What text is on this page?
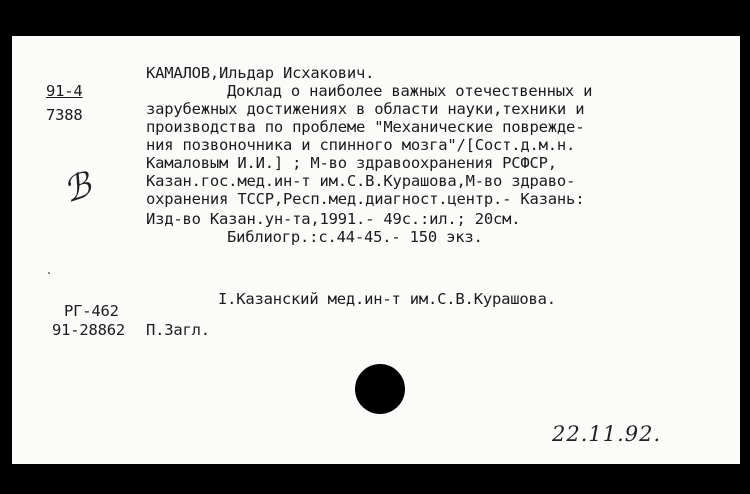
91-4
7388
КАМАЛОВ,Ильдар Исхакович.
Доклад о наиболее важных отечественных и
зарубежных достижениях в области науки,техники и
производства по проблеме "Механические поврежде-
ния позвоночника и спинного мозга"/[Сост.д.м.н.
Камаловым И.И.] ; М-во здравоохранения РСФСР,
Казан.гос.мед.ин-т им.С.В.Курашова,М-во здраво-
охранения ТССР,Респ.мед.диагност.центр.- Казань:
Изд-во Казан.ун-та,1991.- 49с.:ил.; 20см.
Библиогр.:с.44-45.- 150 экз.
ℬ
РГ-462
91-28862
I.Казанский мед.ин-т им.С.В.Курашова.
П.Загл.
22.11.92.
